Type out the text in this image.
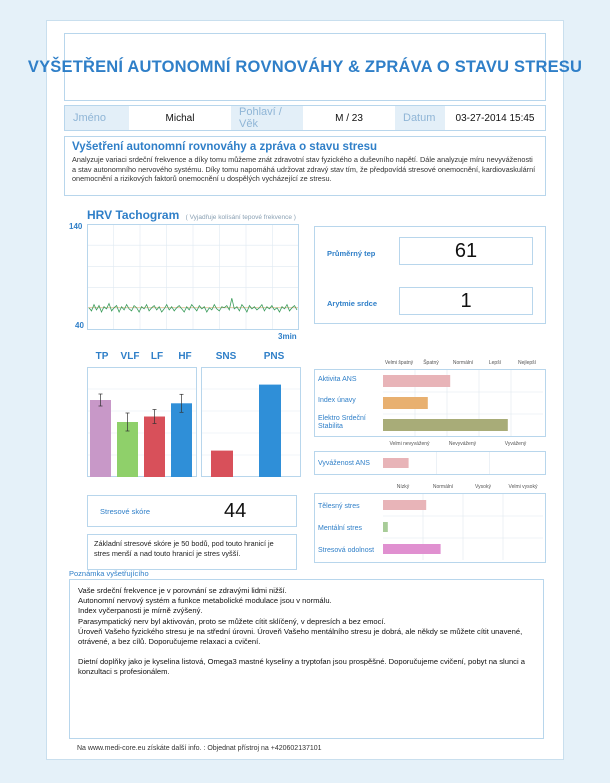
VYŠETŘENÍ AUTONOMNÍ ROVNOVÁHY & ZPRÁVA O STAVU STRESU
Jméno	Michal	Pohlaví / Věk	M / 23	Datum	03-27-2014 15:45
Vyšetření autonomní rovnováhy a zpráva o stavu stresu
Analyzuje variaci srdeční frekvence a díky tomu můžeme znát zdravotní stav fyzického a duševního napětí. Dále analyzuje míru nevyváženosti a stav autonomního nervového systému. Díky tomu napomáhá udržovat zdravý stav tím, že předpovídá stresové onemocnění, kardiovaskulární onemocnění a rizikových faktorů onemocnění u dospělých vycházející ze stresu.
HRV Tachogram ( Vyjadřuje kolísání tepové frekvence )
140
40
3min
Průměrný tep	61
Arytmie srdce	1
TP	VLF	LF	HF	SNS	PNS
Velmi špatný	Špatný	Normální	Lepší	Nejlepší
Aktivita ANS
Index únavy
Elektro Srdeční Stabilita
Velmi nevyvážený	Nevyvážený	Vyvážený
Vyváženost ANS
Nízký	Normální	Vysoký	Velmi vysoký
Tělesný stres
Mentální stres
Stresová odolnost
Stresové skóre	44
Základní stresové skóre je 50 bodů, pod touto hranicí je stres menší a nad touto hranicí je stres vyšší.
Poznámka vyšetřujícího
Vaše srdeční frekvence je v porovnání se zdravými lidmi nižší.
Autonomní nervový systém a funkce metabolické modulace jsou v normálu.
Index vyčerpanosti je mírně zvýšený.
Parasympatický nerv byl aktivován, proto se můžete cítit sklíčený, v depresích a bez emocí.
Úroveň Vašeho fyzického stresu je na střední úrovni. Úroveň Vašeho mentálního stresu je dobrá, ale někdy se můžete cítit unavené, otrávené, a bez cílů. Doporučujeme relaxaci a cvičení.
Dietní doplňky jako je kyselina listová, Omega3 mastné kyseliny a tryptofan jsou prospěšné. Doporučujeme cvičení, pobyt na slunci a konzultaci s profesionálem.
Na www.medi-core.eu získáte další info. : Objednat přístroj na +420602137101
